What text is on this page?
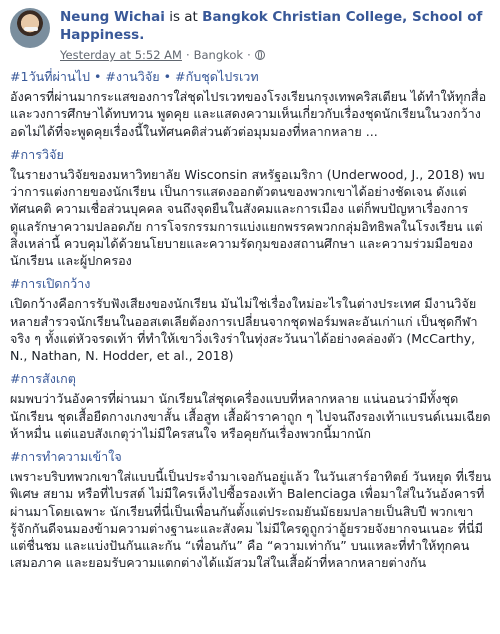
Neung Wichai is at Bangkok Christian College, School of Happiness.
Yesterday at 5:52 AM · Bangkok ·

#1วันที่ผ่านไป • #งานวิจัย • #กับชุดไปรเวท

อังคารที่ผ่านมากระแสของการใส่ชุดไปรเวทของโรงเรียนกรุงเทพคริสเตียน ได้ทำให้ทุกสื่อและวงการศึกษาได้ทบทวน พูดคุย และแสดงความเห็นเกี่ยวกับเรื่องชุดนักเรียนในวงกว้าง อดไม่ได้ที่จะพูดคุยเรื่องนี้ในทัศนคติส่วนตัวต่อมุมมองที่หลากหลาย ...

#การวิจัย

ในรายงานวิจัยของมหาวิทยาลัย Wisconsin สหรัฐอเมริกา (Underwood, J., 2018) พบว่าการแต่งกายของนักเรียน เป็นการแสดงออกตัวตนของพวกเขาได้อย่างชัดเจน ดังแต่ทัศนคติ ความเชื่อส่วนบุคคล จนถึงจุดยืนในสังคมและการเมือง แต่ก็พบปัญหาเรื่องการดูแลรักษาความปลอดภัย การโจรกรรมการแบ่งแยกพรรคพวกกลุ่มอิทธิพลในโรงเรียน แต่สิ่งเหล่านี้ ควบคุมได้ด้วยนโยบายและความรัดกุมของสถานศึกษา และความร่วมมือของนักเรียน และผู้ปกครอง

#การเปิดกว้าง

เปิดกว้างคือการรับฟังเสียงของนักเรียน มันไม่ใช่เรื่องใหม่อะไรในต่างประเทศ มีงานวิจัยหลายสำรวจนักเรียนในออสเตเลียต้องการเปลี่ยนจากชุดฟอร์มพละอันเก่าแก่ เป็นชุดกีฬาจริง ๆ ทั้งแต่หัวจรดเท้า ที่ทำให้เขาวิ่งเริงร่าในทุ่งสะวันนาได้อย่างคล่องตัว (McCarthy, N., Nathan, N. Hodder, et al., 2018)

#การสังเกตุ

ผมพบว่าวันอังคารที่ผ่านมา นักเรียนใส่ชุดเครื่องแบบที่หลากหลาย แน่นอนว่ามีทั้งชุดนักเรียน ชุดเสื้อยืดกางเกงขาสั้น เสื้อสูท เสื้อผ้าราคาถูก ๆ ไปจนถึงรองเท้าแบรนด์เนมเฉียดห้าหมื่น แต่แอบสังเกตุว่าไม่มีใครสนใจ หรือคุยกันเรื่องพวกนี้มากนัก

#การทำความเข้าใจ

เพราะบริบทพวกเขาใส่แบบนี้เป็นประจำมาเจอกันอยู่แล้ว ในวันเสาร์อาทิตย์ วันหยุด ที่เรียนพิเศษ สยาม หรือที่ไบรสต์ ไม่มีใครเห็งไปซื้อรองเท้า Balenciaga เพื่อมาใส่ในวันอังคารที่ผ่านมาโดยเฉพาะ นักเรียนที่นี่เป็นเพื่อนกันตั้งแต่ประถมยันมัธยมปลายเป็นสิบปี พวกเขารู้จักกันดีจนมองข้ามความต่างฐานะและสังคม ไม่มีใครดูถูกว่าอู้ยรวยจังยากจนเนอะ ที่นี่มีแต่ชื่นชม และแบ่งปันกันและกัน “เพื่อนกัน” คือ “ความเท่ากัน” บนแหละที่ทำให้ทุกคนเสมอภาค และยอมรับความแตกต่างได้แม้สวมใส่ในเสื้อผ้าที่หลากหลายต่างกัน
